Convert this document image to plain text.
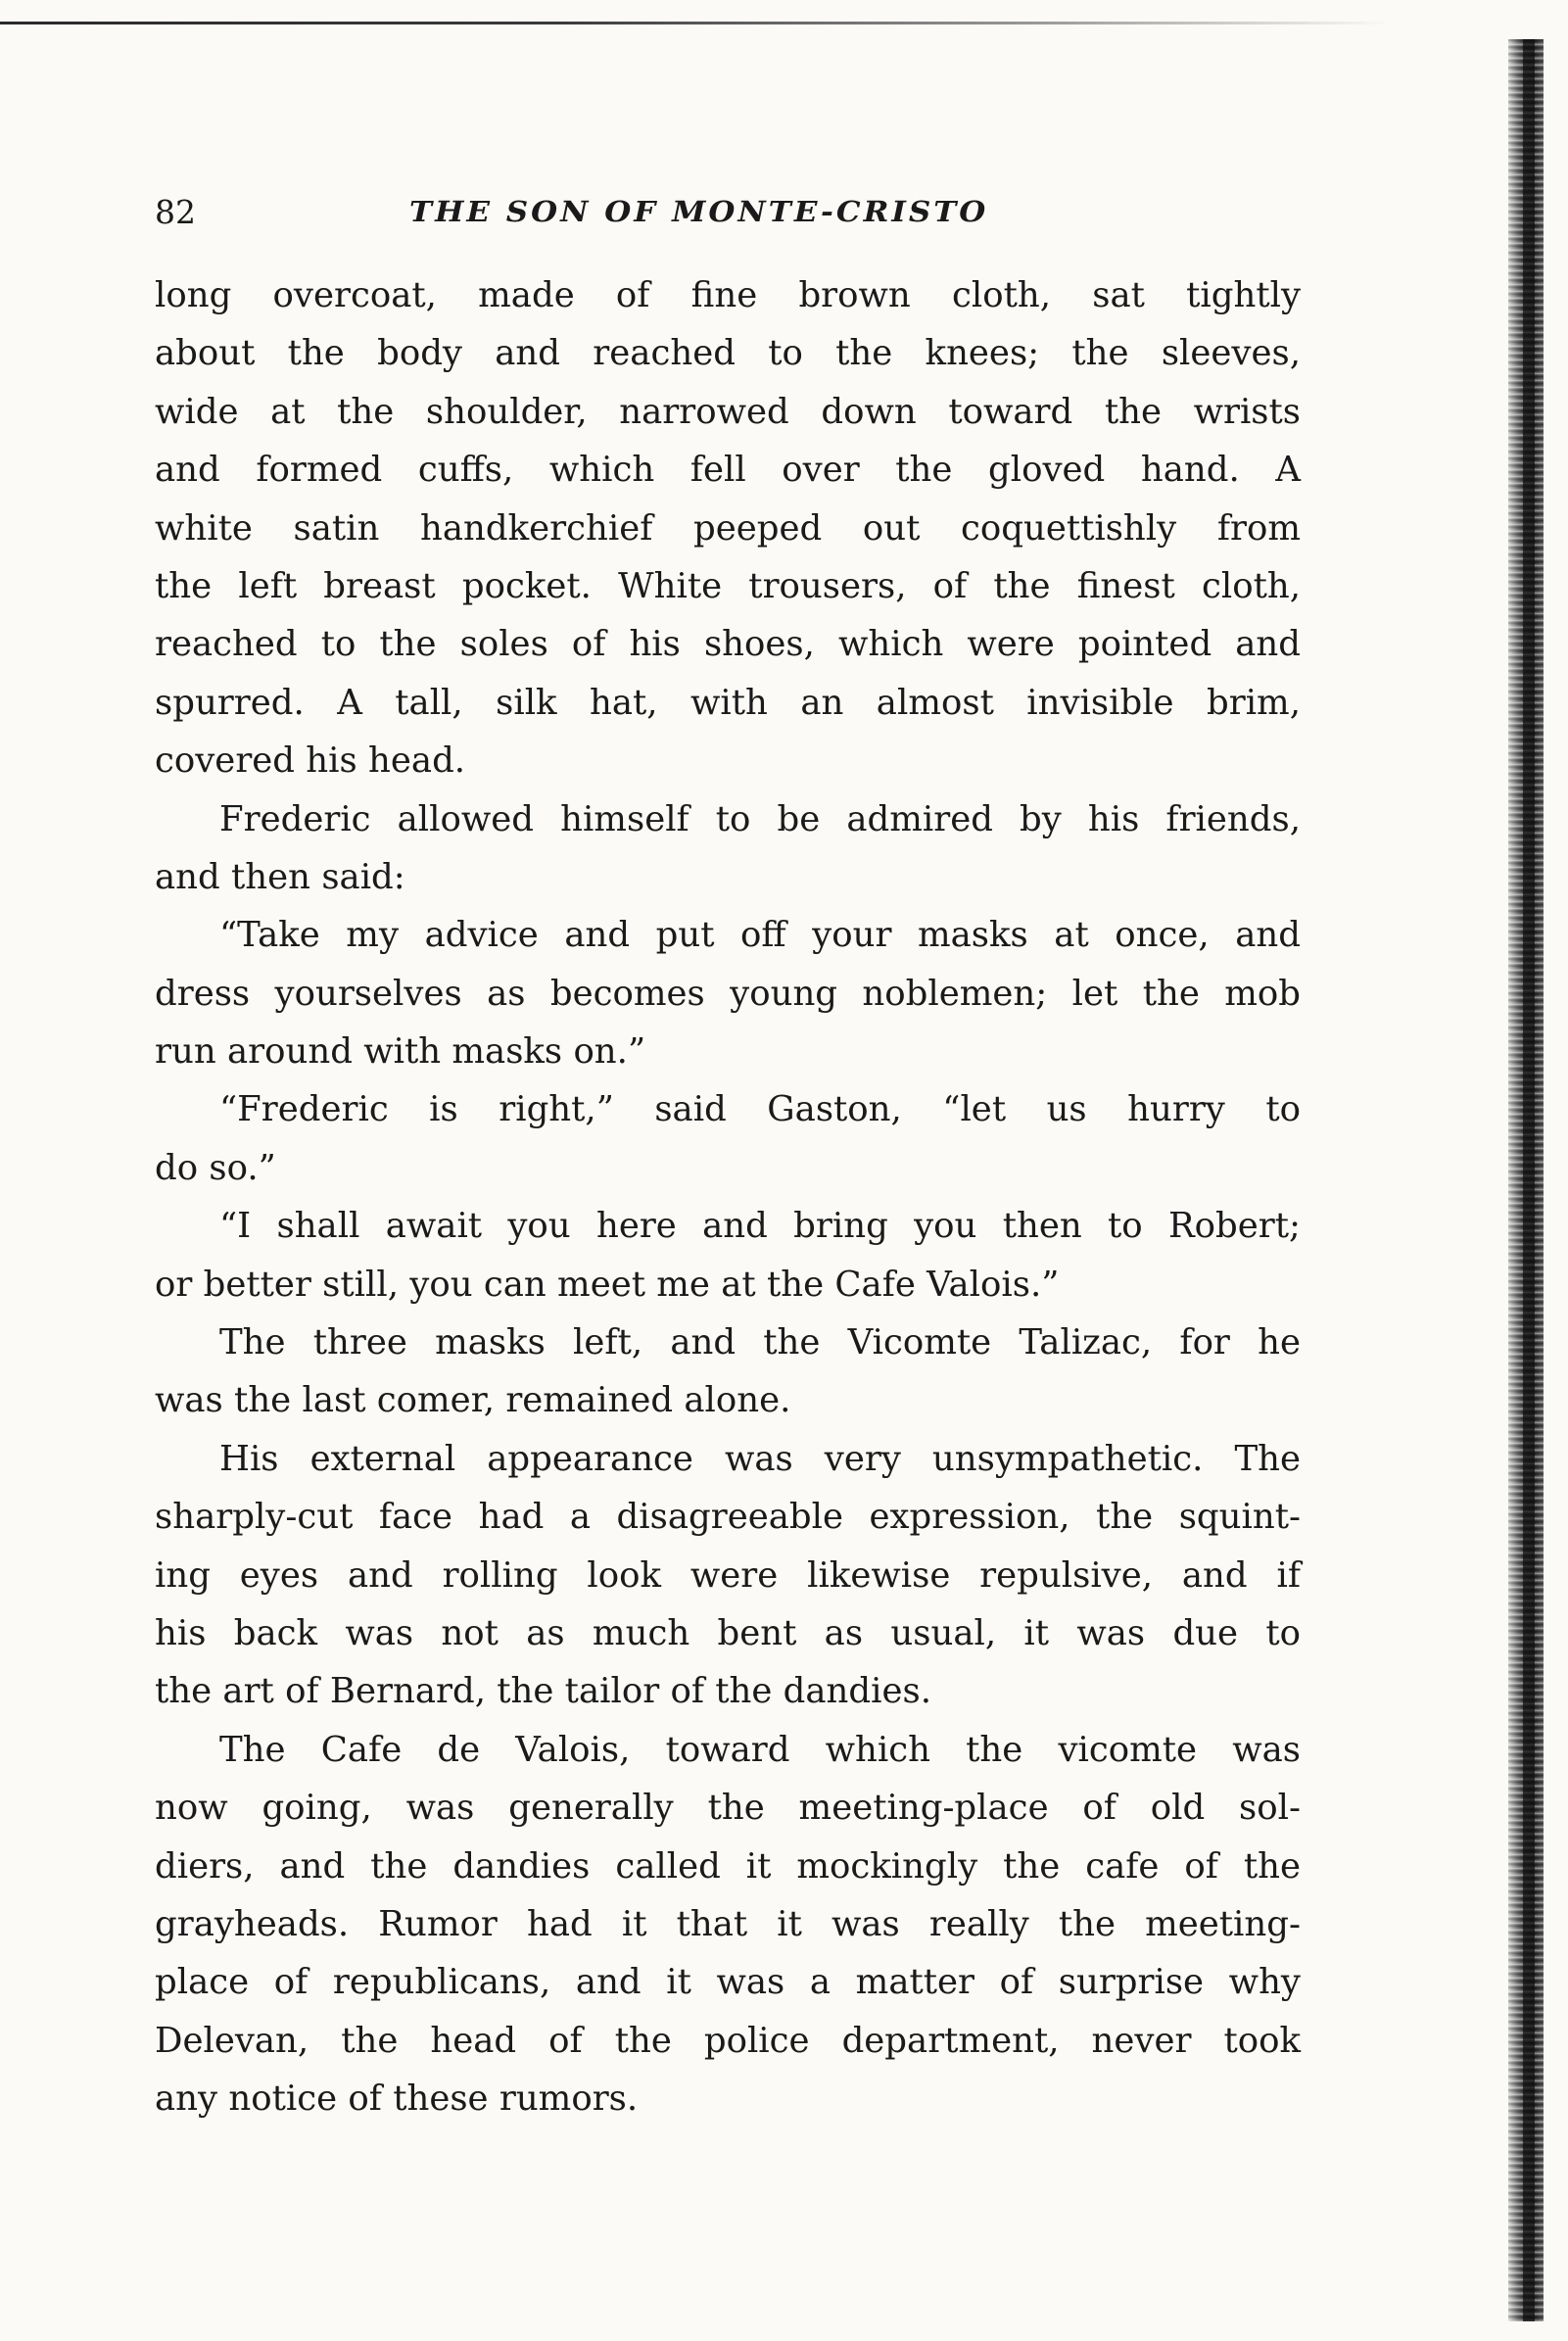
82	THE SON OF MONTE-CRISTO
long overcoat, made of fine brown cloth, sat tightly
about the body and reached to the knees; the sleeves,
wide at the shoulder, narrowed down toward the wrists
and formed cuffs, which fell over the gloved hand. A
white satin handkerchief peeped out coquettishly from
the left breast pocket. White trousers, of the finest cloth,
reached to the soles of his shoes, which were pointed and
spurred. A tall, silk hat, with an almost invisible brim,
covered his head.
Frederic allowed himself to be admired by his friends,
and then said:
“Take my advice and put off your masks at once, and
dress yourselves as becomes young noblemen; let the mob
run around with masks on.”
“Frederic is right,” said Gaston, “let us hurry to
do so.”
“I shall await you here and bring you then to Robert;
or better still, you can meet me at the Cafe Valois.”
The three masks left, and the Vicomte Talizac, for he
was the last comer, remained alone.
His external appearance was very unsympathetic. The
sharply-cut face had a disagreeable expression, the squint-
ing eyes and rolling look were likewise repulsive, and if
his back was not as much bent as usual, it was due to
the art of Bernard, the tailor of the dandies.
The Cafe de Valois, toward which the vicomte was
now going, was generally the meeting-place of old sol-
diers, and the dandies called it mockingly the cafe of the
grayheads. Rumor had it that it was really the meeting-
place of republicans, and it was a matter of surprise why
Delevan, the head of the police department, never took
any notice of these rumors.
